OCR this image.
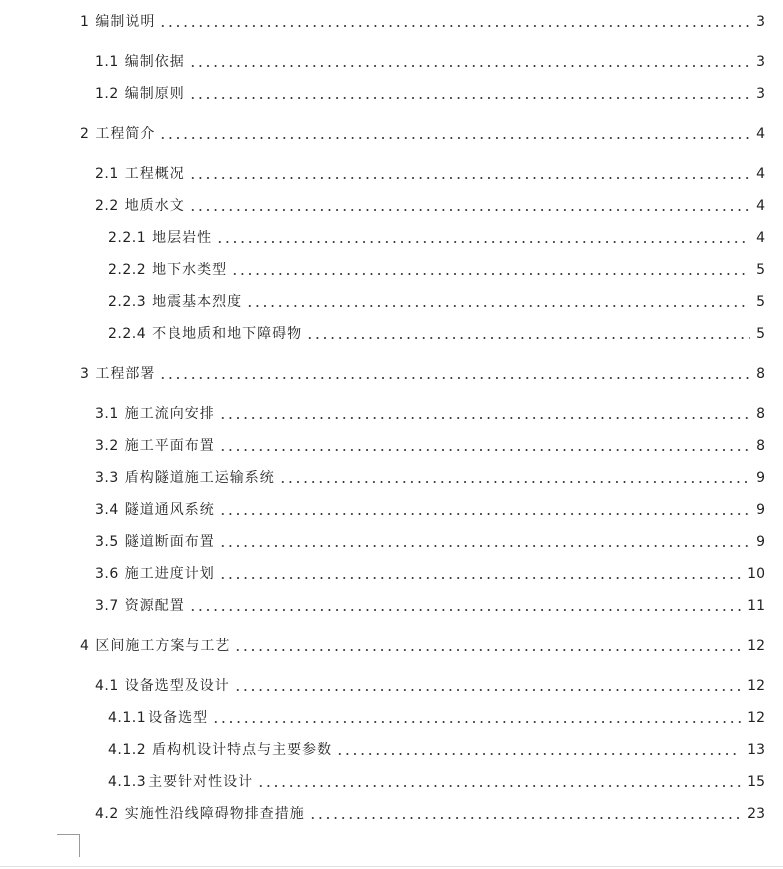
1 编制说明	3
1.1 编制依据	3
1.2 编制原则	3
2 工程简介	4
2.1 工程概况	4
2.2 地质水文	4
2.2.1 地层岩性	4
2.2.2 地下水类型	5
2.2.3 地震基本烈度	5
2.2.4 不良地质和地下障碍物	5
3 工程部署	8
3.1 施工流向安排	8
3.2 施工平面布置	8
3.3 盾构隧道施工运输系统	9
3.4 隧道通风系统	9
3.5 隧道断面布置	9
3.6 施工进度计划	10
3.7 资源配置	11
4 区间施工方案与工艺	12
4.1 设备选型及设计	12
4.1.1 设备选型	12
4.1.2 盾构机设计特点与主要参数	13
4.1.3 主要针对性设计	15
4.2 实施性沿线障碍物排查措施	23
